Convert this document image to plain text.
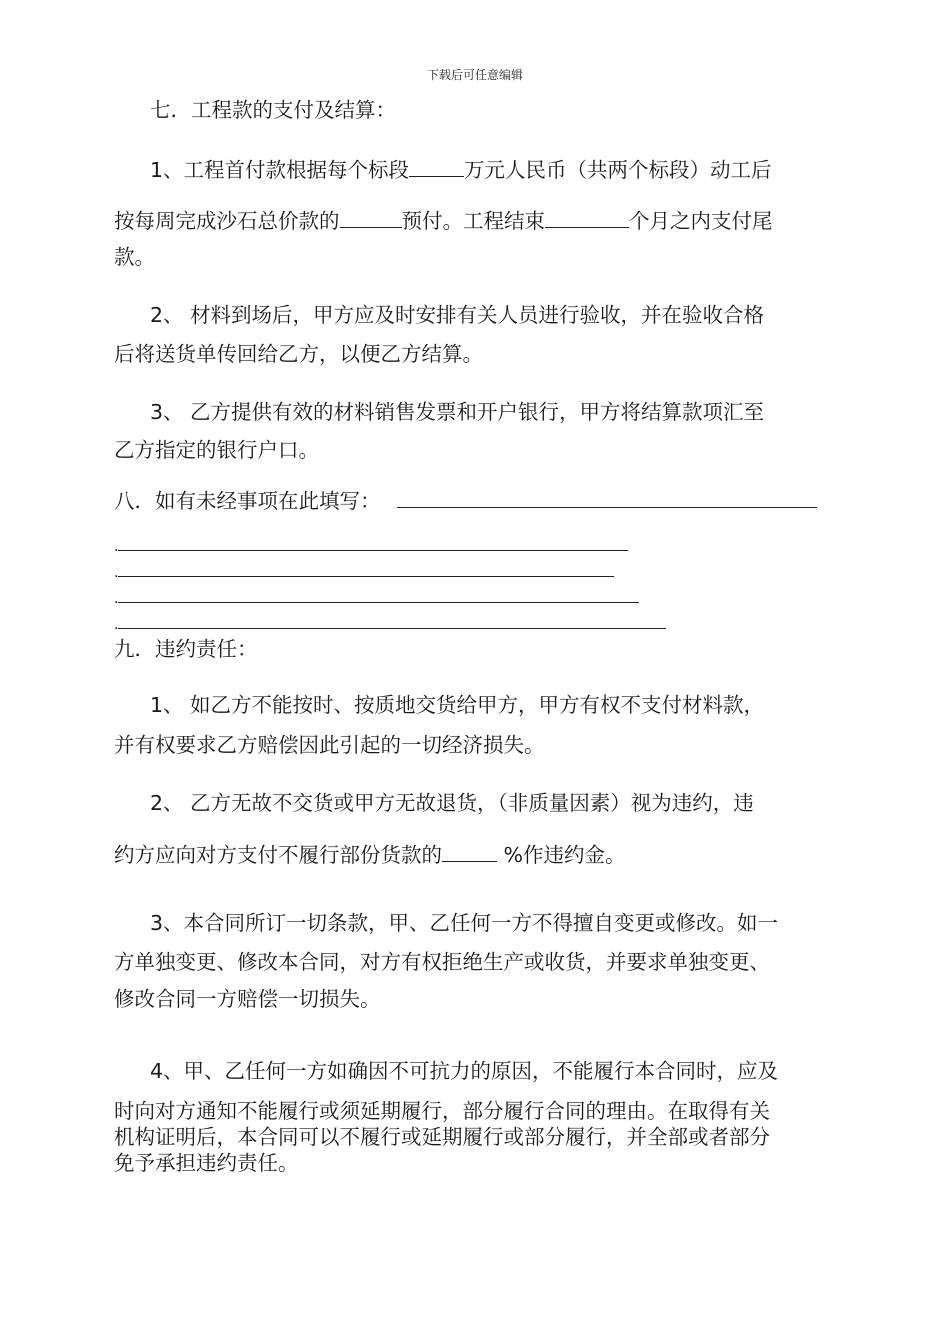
下载后可任意编辑
七．工程款的支付及结算：
1、工程首付款根据每个标段	万元人民币（共两个标段）动工后
按每周完成沙石总价款的	预付。工程结束	个月之内支付尾
款。
2、 材料到场后，甲方应及时安排有关人员进行验收，并在验收合格
后将送货单传回给乙方，以便乙方结算。
3、 乙方提供有效的材料销售发票和开户银行，甲方将结算款项汇至
乙方指定的银行户口。
八．如有未经事项在此填写：
.
.
.
.
九．违约责任：
1、 如乙方不能按时、按质地交货给甲方，甲方有权不支付材料款，
并有权要求乙方赔偿因此引起的一切经济损失。
2、 乙方无故不交货或甲方无故退货，（非质量因素）视为违约，违
约方应向对方支付不履行部份货款的	%作违约金。
3、本合同所订一切条款，甲、乙任何一方不得擅自变更或修改。如一
方单独变更、修改本合同，对方有权拒绝生产或收货，并要求单独变更、
修改合同一方赔偿一切损失。
4、甲、乙任何一方如确因不可抗力的原因，不能履行本合同时，应及
时向对方通知不能履行或须延期履行，部分履行合同的理由。在取得有关
机构证明后，本合同可以不履行或延期履行或部分履行，并全部或者部分
免予承担违约责任。
